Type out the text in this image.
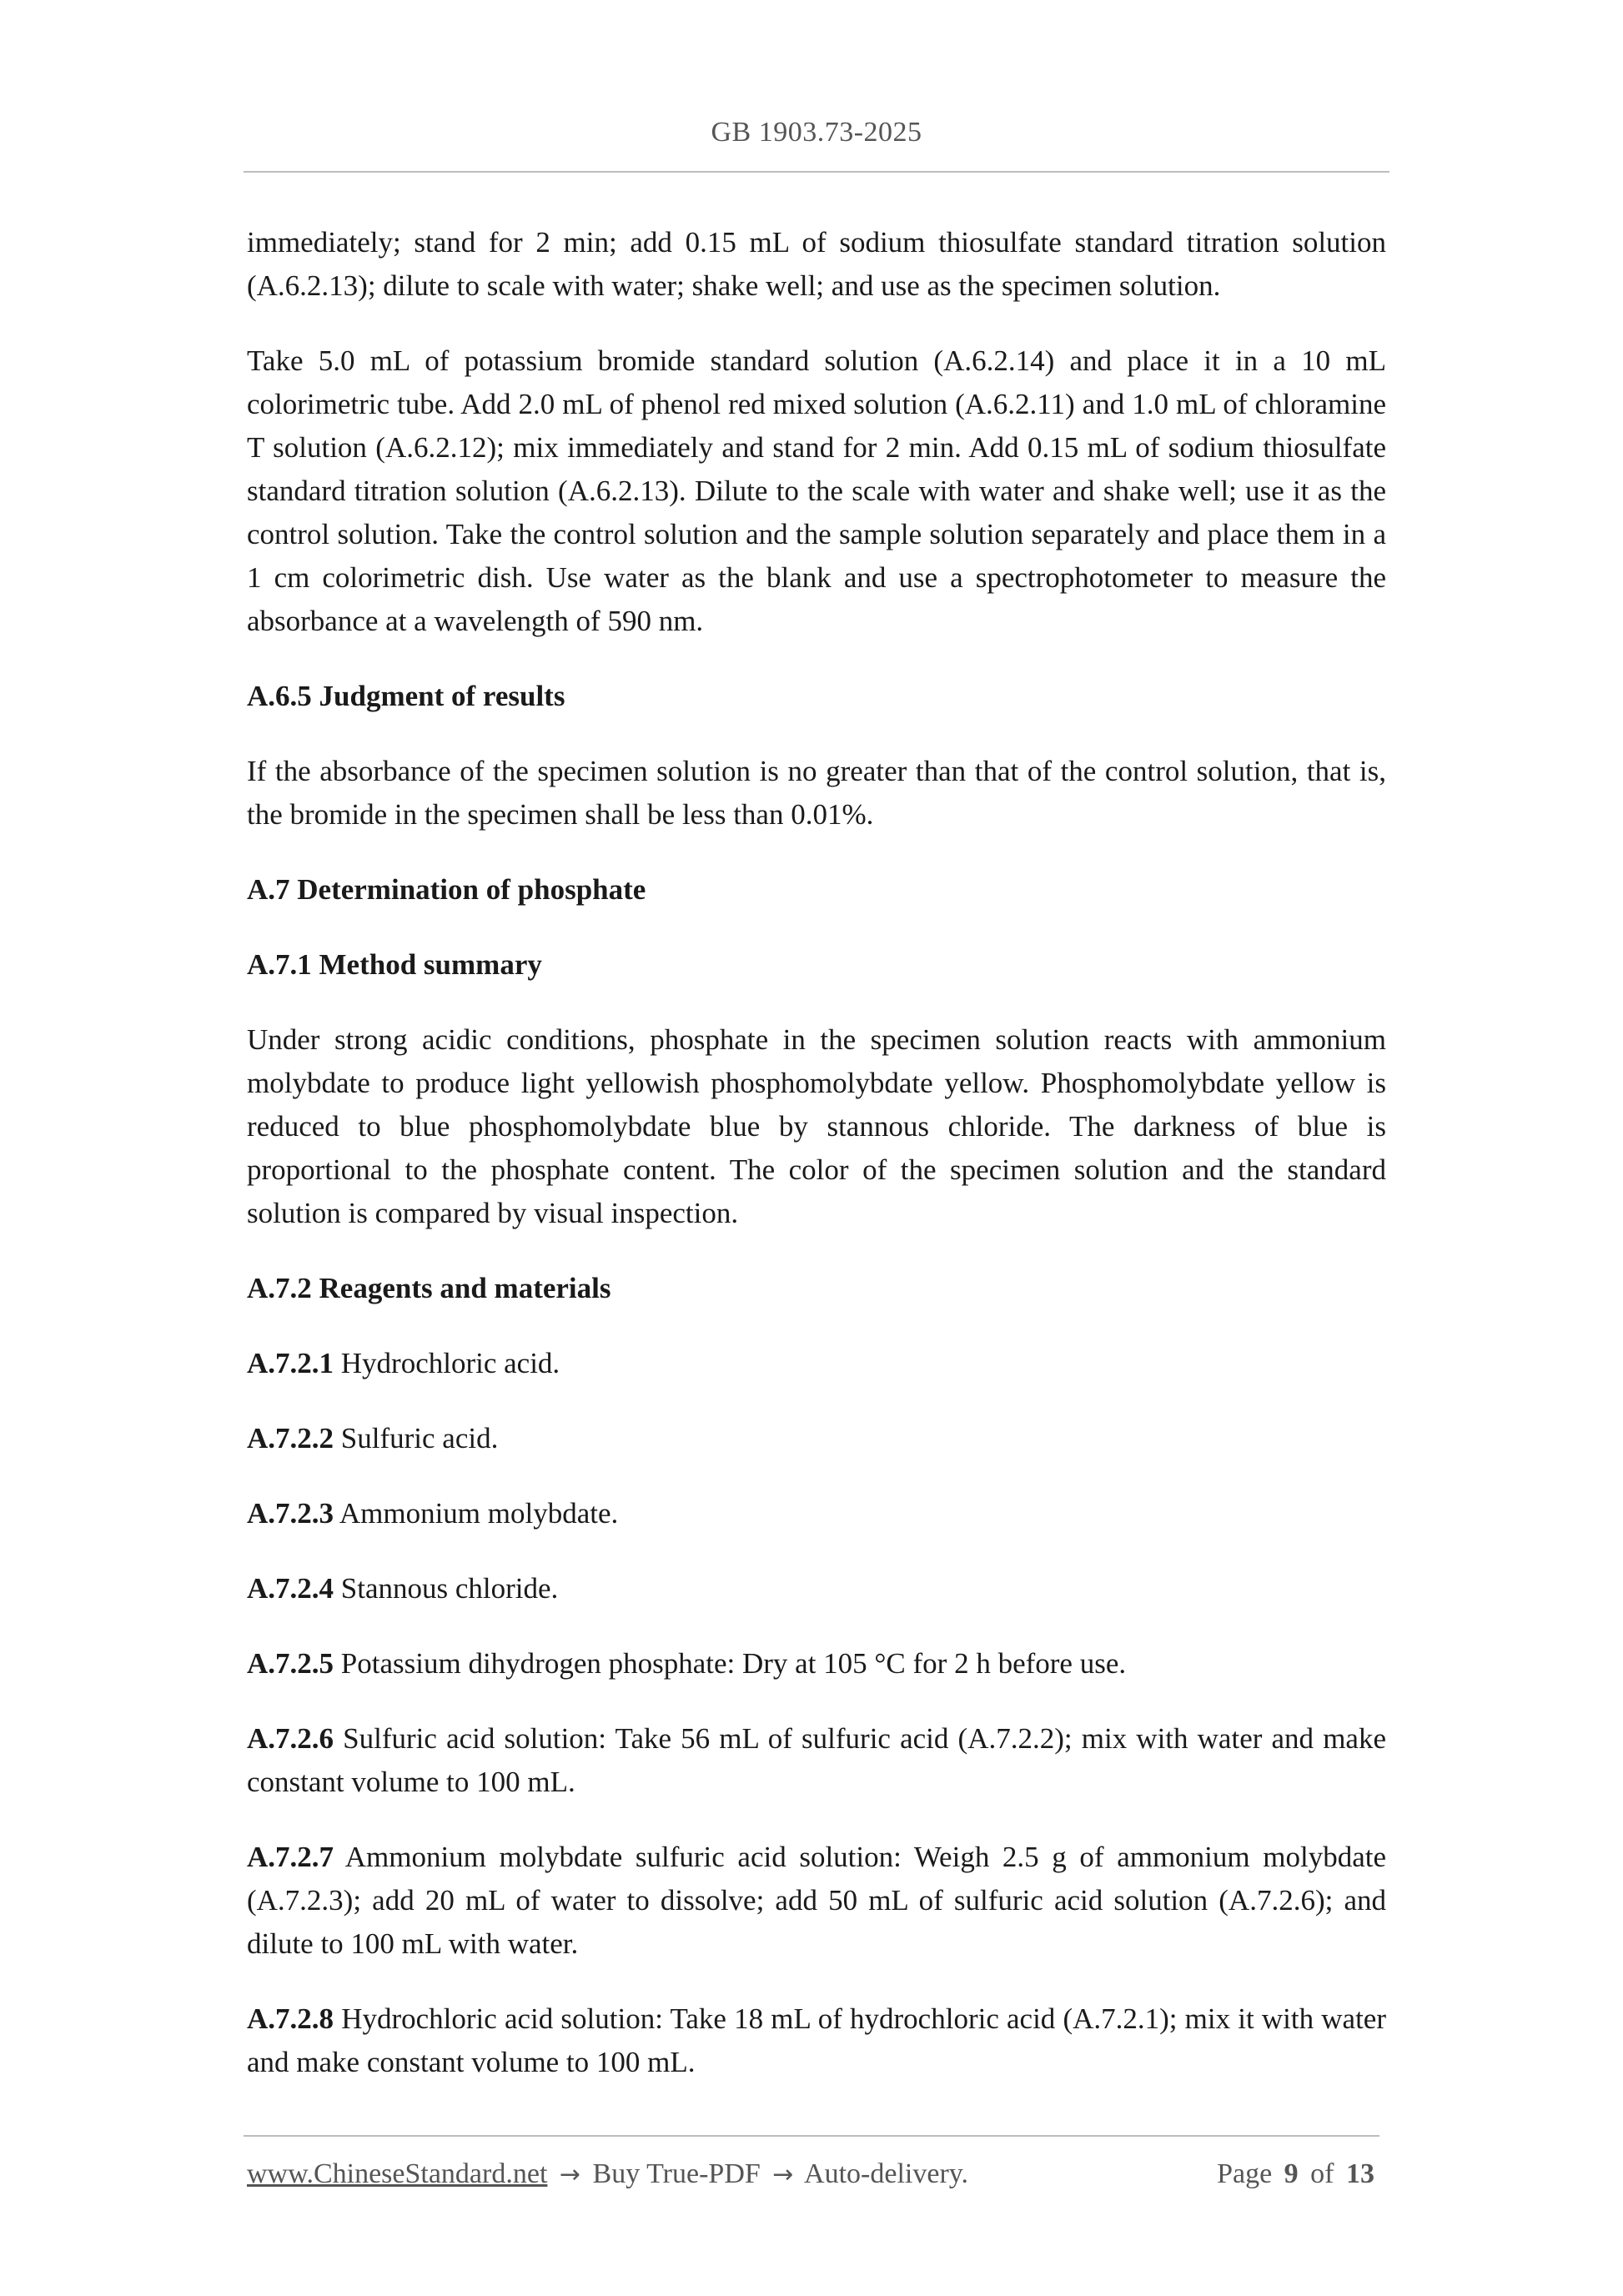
GB 1903.73-2025

immediately; stand for 2 min; add 0.15 mL of sodium thiosulfate standard titration solution (A.6.2.13); dilute to scale with water; shake well; and use as the specimen solution.

Take 5.0 mL of potassium bromide standard solution (A.6.2.14) and place it in a 10 mL colorimetric tube. Add 2.0 mL of phenol red mixed solution (A.6.2.11) and 1.0 mL of chloramine T solution (A.6.2.12); mix immediately and stand for 2 min. Add 0.15 mL of sodium thiosulfate standard titration solution (A.6.2.13). Dilute to the scale with water and shake well; use it as the control solution. Take the control solution and the sample solution separately and place them in a 1 cm colorimetric dish. Use water as the blank and use a spectrophotometer to measure the absorbance at a wavelength of 590 nm.

A.6.5 Judgment of results

If the absorbance of the specimen solution is no greater than that of the control solution, that is, the bromide in the specimen shall be less than 0.01%.

A.7 Determination of phosphate

A.7.1 Method summary

Under strong acidic conditions, phosphate in the specimen solution reacts with ammonium molybdate to produce light yellowish phosphomolybdate yellow. Phosphomolybdate yellow is reduced to blue phosphomolybdate blue by stannous chloride. The darkness of blue is proportional to the phosphate content. The color of the specimen solution and the standard solution is compared by visual inspection.

A.7.2 Reagents and materials

A.7.2.1 Hydrochloric acid.

A.7.2.2 Sulfuric acid.

A.7.2.3 Ammonium molybdate.

A.7.2.4 Stannous chloride.

A.7.2.5 Potassium dihydrogen phosphate: Dry at 105 °C for 2 h before use.

A.7.2.6 Sulfuric acid solution: Take 56 mL of sulfuric acid (A.7.2.2); mix with water and make constant volume to 100 mL.

A.7.2.7 Ammonium molybdate sulfuric acid solution: Weigh 2.5 g of ammonium molybdate (A.7.2.3); add 20 mL of water to dissolve; add 50 mL of sulfuric acid solution (A.7.2.6); and dilute to 100 mL with water.

A.7.2.8 Hydrochloric acid solution: Take 18 mL of hydrochloric acid (A.7.2.1); mix it with water and make constant volume to 100 mL.

www.ChineseStandard.net → Buy True-PDF → Auto-delivery.	Page 9 of 13
